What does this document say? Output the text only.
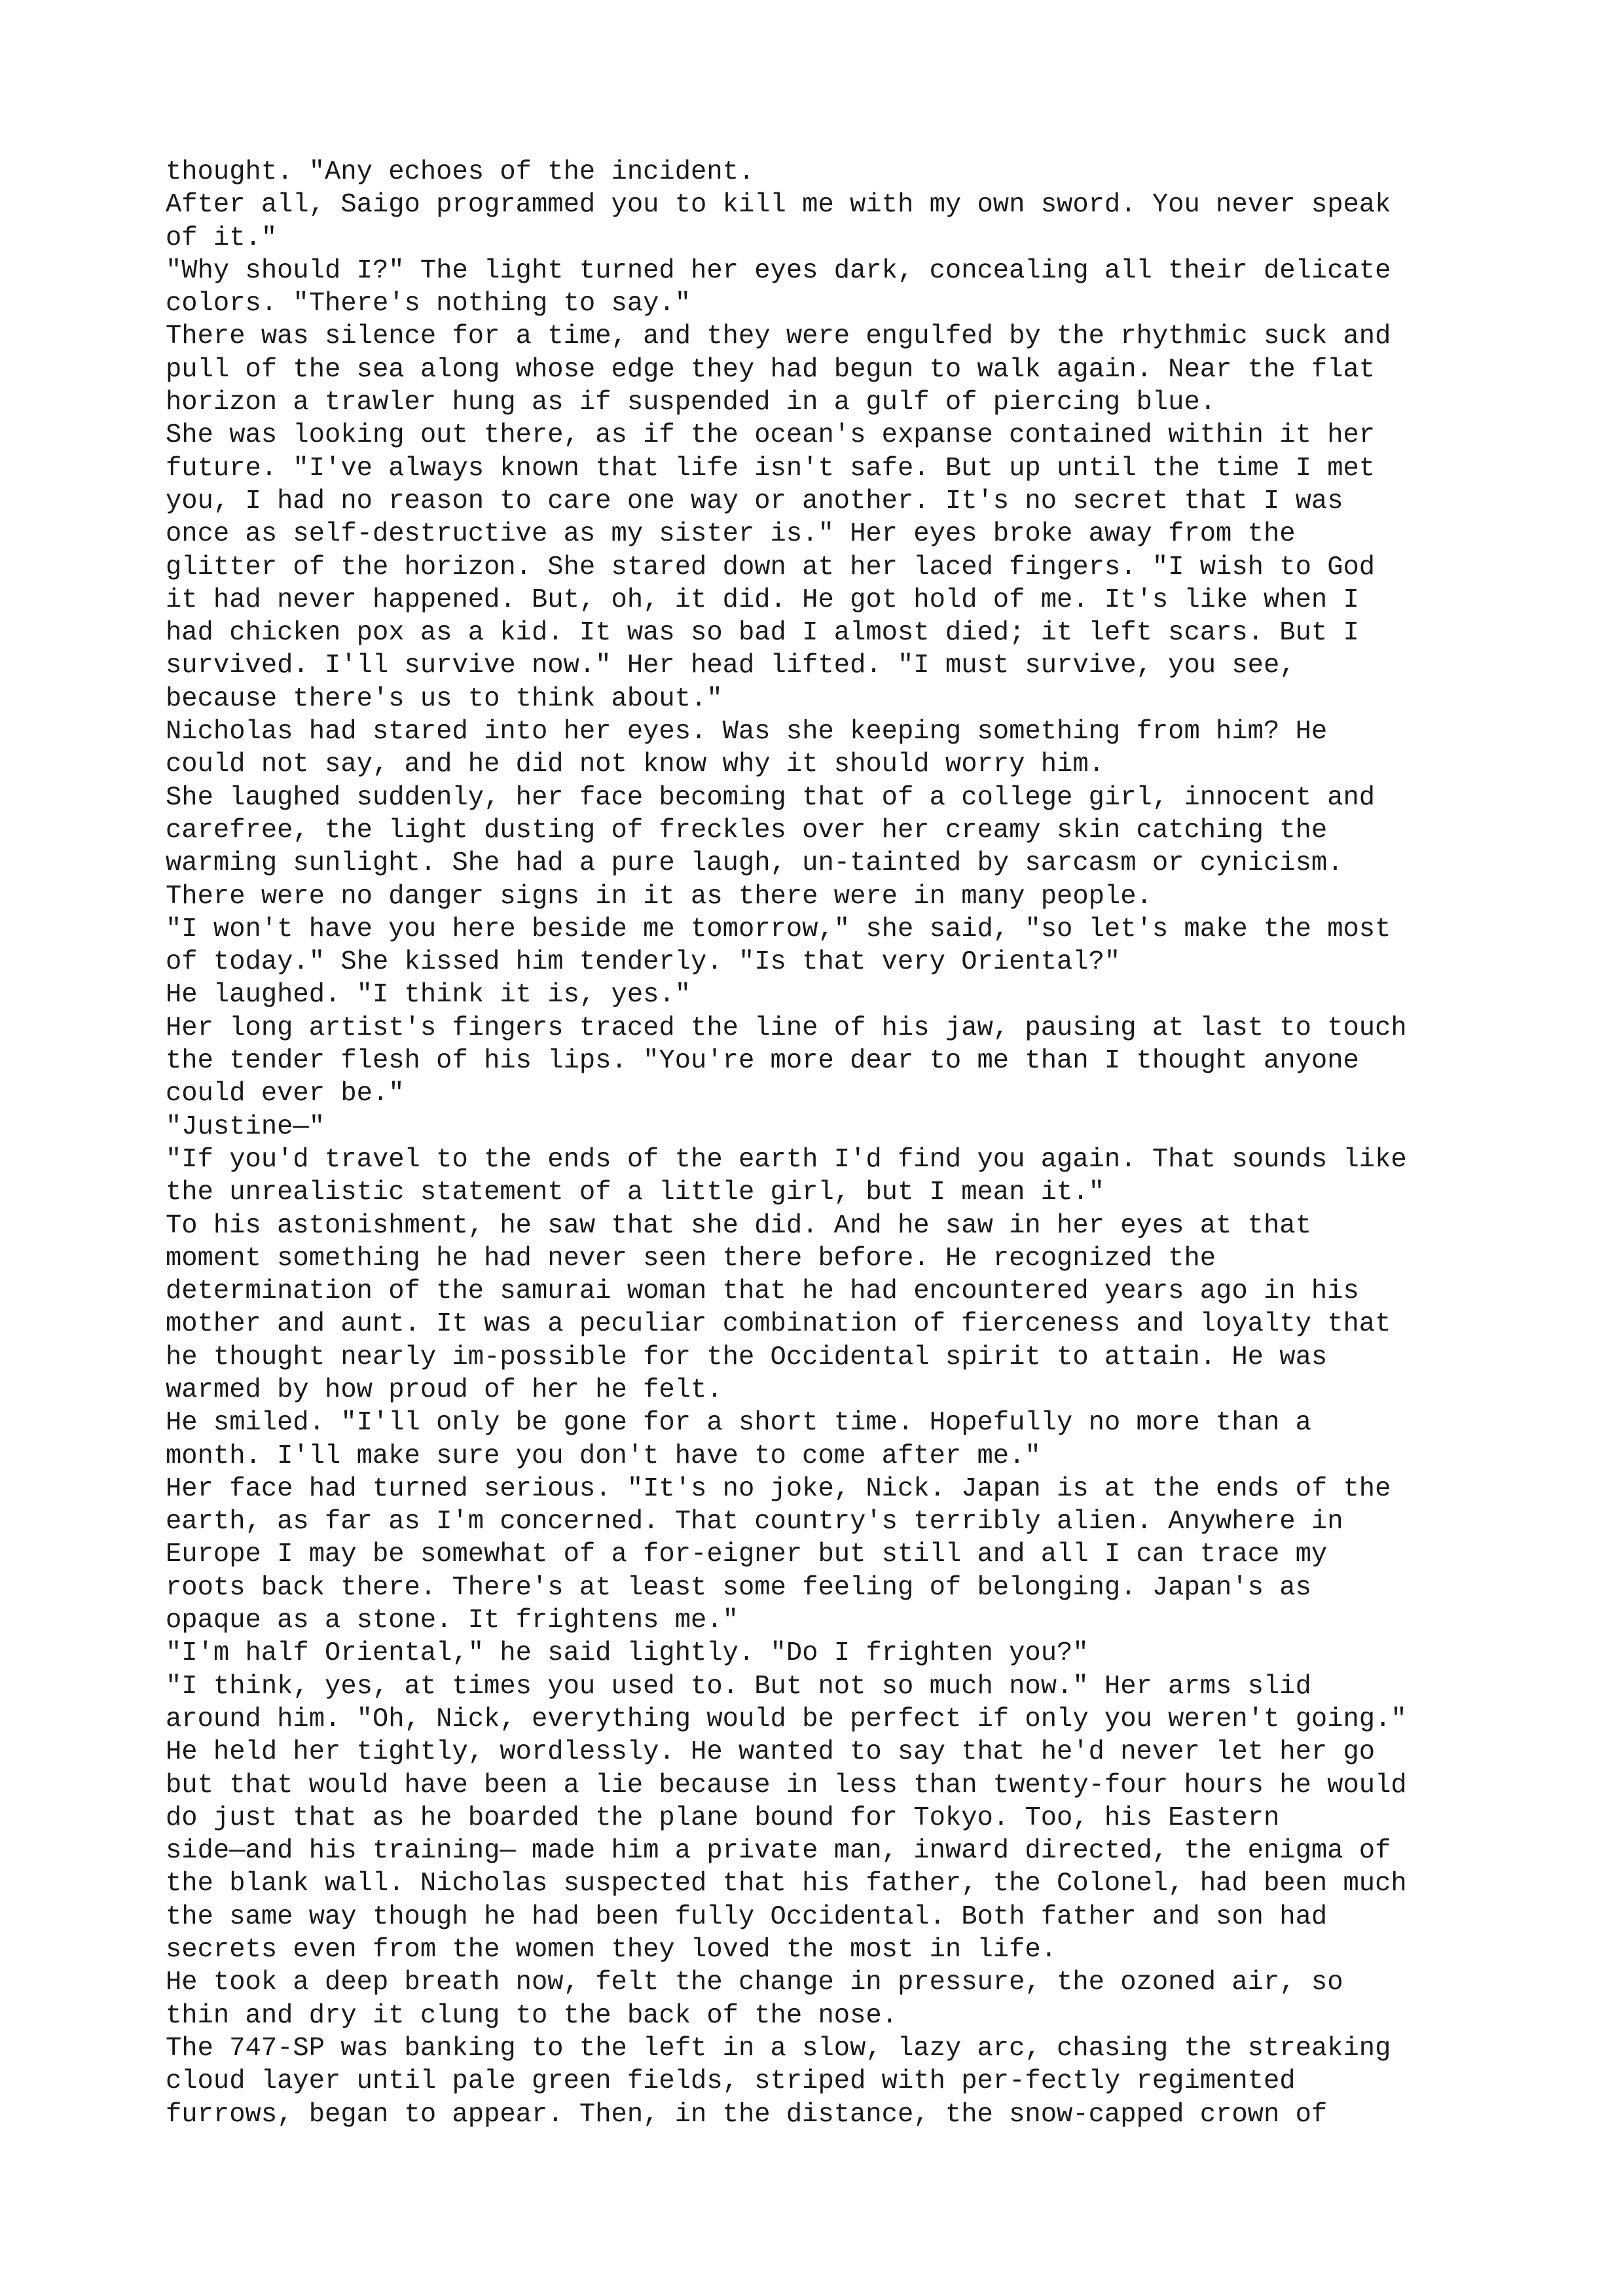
thought. "Any echoes of the incident.
After all, Saigo programmed you to kill me with my own sword. You never speak
of it."
"Why should I?" The light turned her eyes dark, concealing all their delicate
colors. "There's nothing to say."
There was silence for a time, and they were engulfed by the rhythmic suck and
pull of the sea along whose edge they had begun to walk again. Near the flat
horizon a trawler hung as if suspended in a gulf of piercing blue.
She was looking out there, as if the ocean's expanse contained within it her
future. "I've always known that life isn't safe. But up until the time I met
you, I had no reason to care one way or another. It's no secret that I was
once as self-destructive as my sister is." Her eyes broke away from the
glitter of the horizon. She stared down at her laced fingers. "I wish to God
it had never happened. But, oh, it did. He got hold of me. It's like when I
had chicken pox as a kid. It was so bad I almost died; it left scars. But I
survived. I'll survive now." Her head lifted. "I must survive, you see,
because there's us to think about."
Nicholas had stared into her eyes. Was she keeping something from him? He
could not say, and he did not know why it should worry him.
She laughed suddenly, her face becoming that of a college girl, innocent and
carefree, the light dusting of freckles over her creamy skin catching the
warming sunlight. She had a pure laugh, un-tainted by sarcasm or cynicism.
There were no danger signs in it as there were in many people.
"I won't have you here beside me tomorrow," she said, "so let's make the most
of today." She kissed him tenderly. "Is that very Oriental?"
He laughed. "I think it is, yes."
Her long artist's fingers traced the line of his jaw, pausing at last to touch
the tender flesh of his lips. "You're more dear to me than I thought anyone
could ever be."
"Justine—"
"If you'd travel to the ends of the earth I'd find you again. That sounds like
the unrealistic statement of a little girl, but I mean it."
To his astonishment, he saw that she did. And he saw in her eyes at that
moment something he had never seen there before. He recognized the
determination of the samurai woman that he had encountered years ago in his
mother and aunt. It was a peculiar combination of fierceness and loyalty that
he thought nearly im-possible for the Occidental spirit to attain. He was
warmed by how proud of her he felt.
He smiled. "I'll only be gone for a short time. Hopefully no more than a
month. I'll make sure you don't have to come after me."
Her face had turned serious. "It's no joke, Nick. Japan is at the ends of the
earth, as far as I'm concerned. That country's terribly alien. Anywhere in
Europe I may be somewhat of a for-eigner but still and all I can trace my
roots back there. There's at least some feeling of belonging. Japan's as
opaque as a stone. It frightens me."
"I'm half Oriental," he said lightly. "Do I frighten you?"
"I think, yes, at times you used to. But not so much now." Her arms slid
around him. "Oh, Nick, everything would be perfect if only you weren't going."
He held her tightly, wordlessly. He wanted to say that he'd never let her go
but that would have been a lie because in less than twenty-four hours he would
do just that as he boarded the plane bound for Tokyo. Too, his Eastern
side—and his training— made him a private man, inward directed, the enigma of
the blank wall. Nicholas suspected that his father, the Colonel, had been much
the same way though he had been fully Occidental. Both father and son had
secrets even from the women they loved the most in life.
He took a deep breath now, felt the change in pressure, the ozoned air, so
thin and dry it clung to the back of the nose.
The 747-SP was banking to the left in a slow, lazy arc, chasing the streaking
cloud layer until pale green fields, striped with per-fectly regimented
furrows, began to appear. Then, in the distance, the snow-capped crown of
